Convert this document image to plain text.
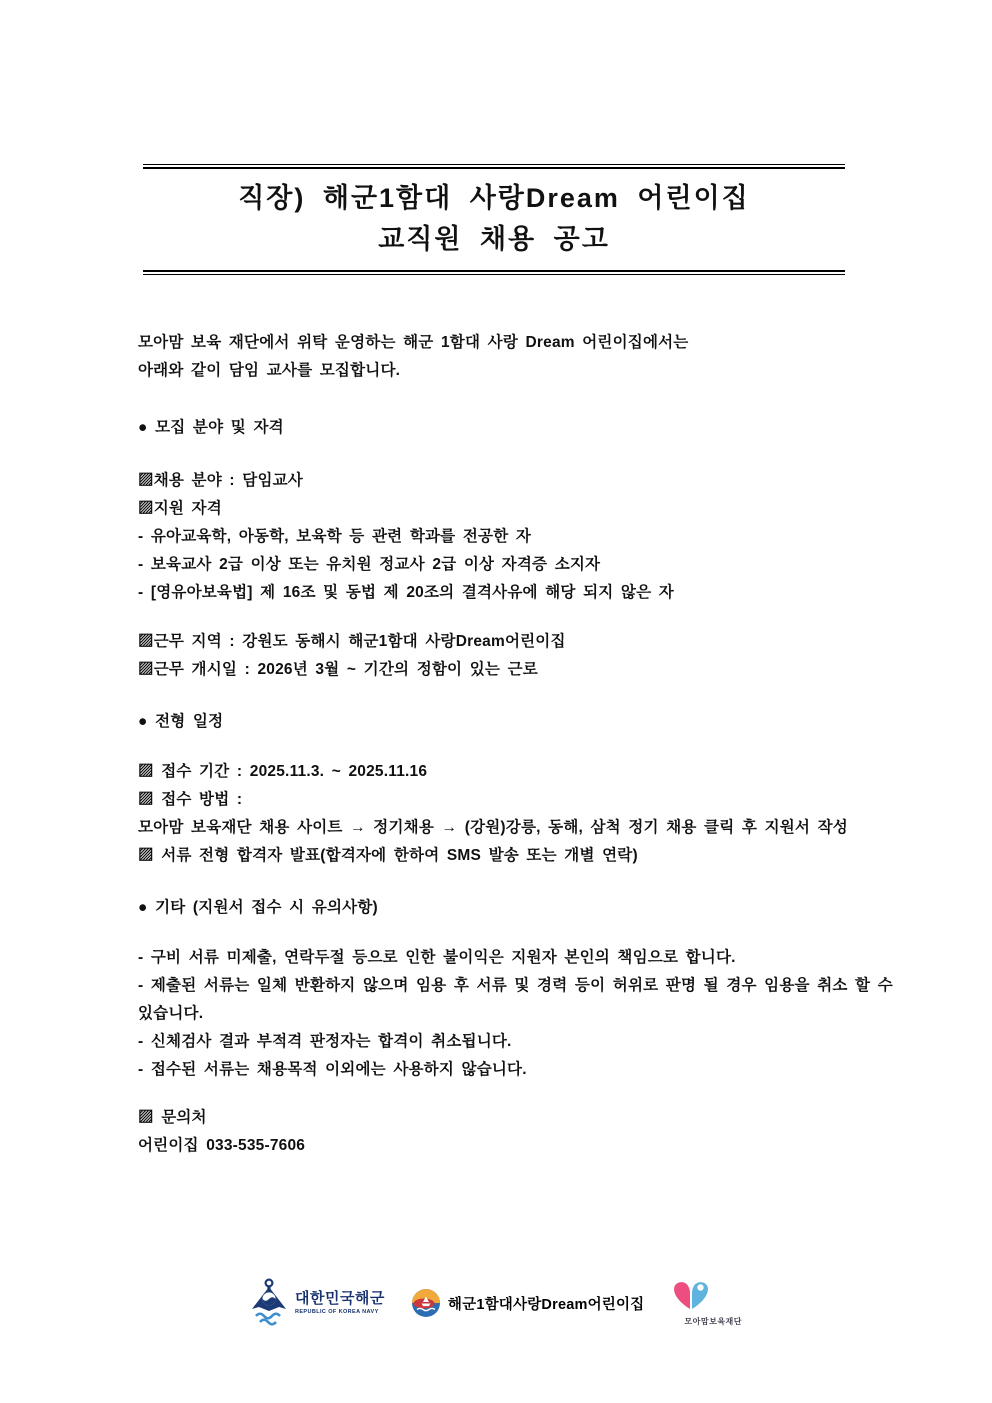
직장) 해군1함대 사랑Dream 어린이집
교직원 채용 공고
모아맘 보육 재단에서 위탁 운영하는 해군 1함대 사랑 Dream 어린이집에서는
아래와 같이 담임 교사를 모집합니다.
● 모집 분야 및 자격
▨채용 분야 : 담임교사
▨지원 자격
- 유아교육학, 아동학, 보육학 등 관련 학과를 전공한 자
- 보육교사 2급 이상 또는 유치원 정교사 2급 이상 자격증 소지자
- [영유아보육법] 제 16조 및 동법 제 20조의 결격사유에 해당 되지 않은 자
▨근무 지역 : 강원도 동해시 해군1함대 사랑Dream어린이집
▨근무 개시일 : 2026년 3월 ~ 기간의 정함이 있는 근로
● 전형 일정
▨ 접수 기간 : 2025.11.3. ~ 2025.11.16
▨ 접수 방법 :
모아맘 보육재단 채용 사이트 → 정기채용 → (강원)강릉, 동해, 삼척 정기 채용 클릭 후 지원서 작성
▨ 서류 전형 합격자 발표(합격자에 한하여 SMS 발송 또는 개별 연락)
● 기타 (지원서 접수 시 유의사항)
- 구비 서류 미제출, 연락두절 등으로 인한 불이익은 지원자 본인의 책임으로 합니다.
- 제출된 서류는 일체 반환하지 않으며 임용 후 서류 및 경력 등이 허위로 판명 될 경우 임용을 취소 할 수 있습니다.
- 신체검사 결과 부적격 판정자는 합격이 취소됩니다.
- 접수된 서류는 채용목적 이외에는 사용하지 않습니다.
▨ 문의처
어린이집 033-535-7606
대한민국해군
REPUBLIC OF KOREA NAVY	해군1함대사랑Dream어린이집
모아맘보육재단
